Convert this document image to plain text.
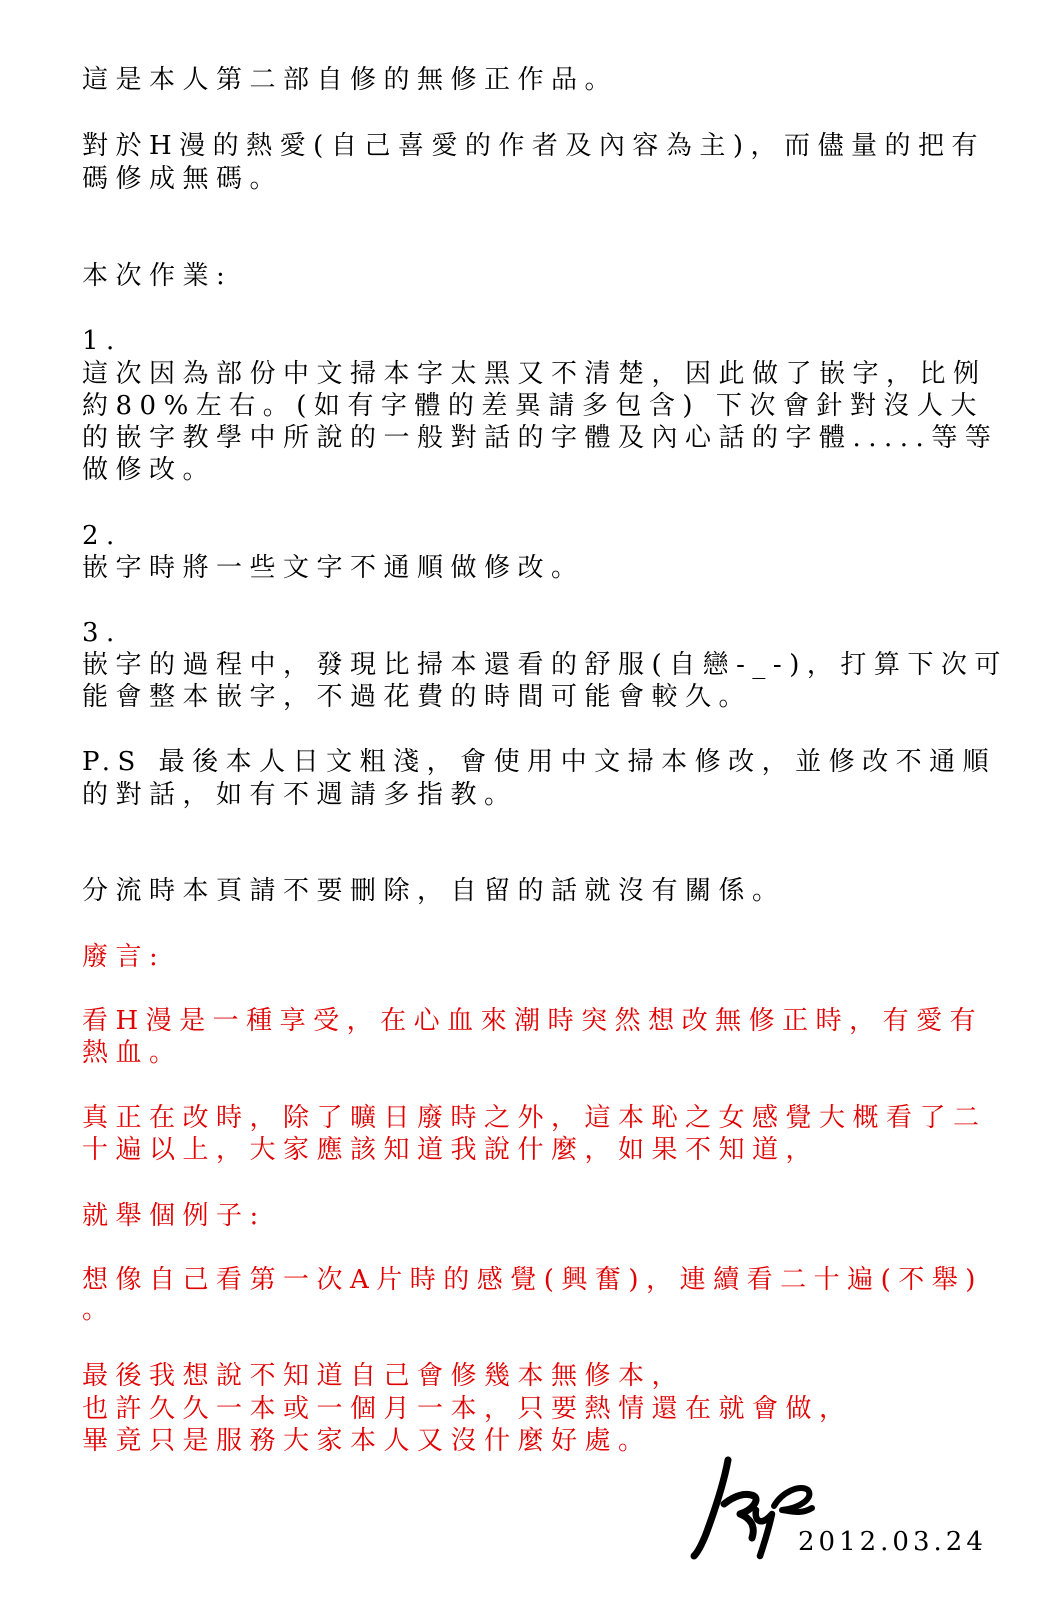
這是本人第二部自修的無修正作品。
對於H漫的熱愛(自己喜愛的作者及內容為主)，而儘量的把有
碼修成無碼。
本次作業:
1.
這次因為部份中文掃本字太黑又不清楚，因此做了嵌字，比例
約80%左右。(如有字體的差異請多包含) 下次會針對沒人大
的嵌字教學中所說的一般對話的字體及內心話的字體.....等等
做修改。
2.
嵌字時將一些文字不通順做修改。
3.
嵌字的過程中，發現比掃本還看的舒服(自戀-_-)，打算下次可
能會整本嵌字，不過花費的時間可能會較久。
P.S 最後本人日文粗淺，會使用中文掃本修改，並修改不通順
的對話，如有不週請多指教。
分流時本頁請不要刪除，自留的話就沒有關係。
廢言:
看H漫是一種享受，在心血來潮時突然想改無修正時，有愛有
熱血。
真正在改時，除了曠日廢時之外，這本恥之女感覺大概看了二
十遍以上，大家應該知道我說什麼，如果不知道，
就舉個例子:
想像自己看第一次A片時的感覺(興奮)，連續看二十遍(不舉)
。
最後我想說不知道自己會修幾本無修本，
也許久久一本或一個月一本，只要熱情還在就會做，
畢竟只是服務大家本人又沒什麼好處。
2012.03.24
